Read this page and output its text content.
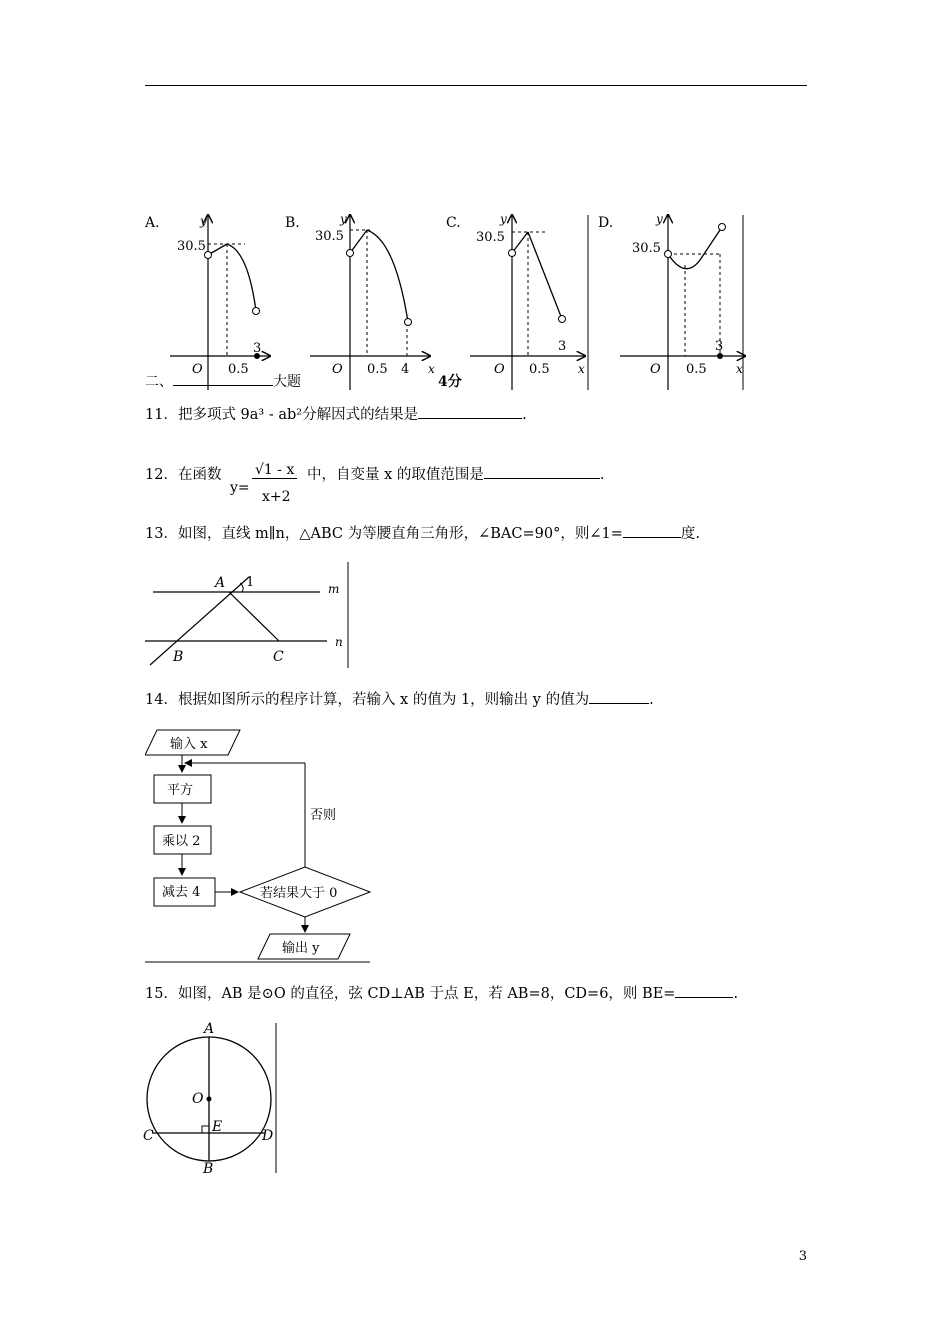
A.	B.	C.	D.
30.5
y
O 0.5
3
30.5
y
O 0.5 4 x
30.5
y
O 0.5
3
x
30.5
y
O 0.5
3
x
二、	大题	4分
11．把多项式 9a³ - ab²分解因式的结果是	.
12．在函数
y=
√1 - x
x+2
中，自变量 x 的取值范围是	.
13．如图，直线 m∥n，△ABC 为等腰直角三角形，∠BAC=90°，则∠1=	度.
A 1	m
n
B	C
14．根据如图所示的程序计算，若输入 x 的值为 1，则输出 y 的值为	.
输入 x
平方
乘以 2
减去 4	若结果大于 0
否则
输出 y
15．如图，AB 是⊙O 的直径，弦 CD⊥AB 于点 E，若 AB=8，CD=6，则 BE=	.
A
O
E
C	D
B
3
